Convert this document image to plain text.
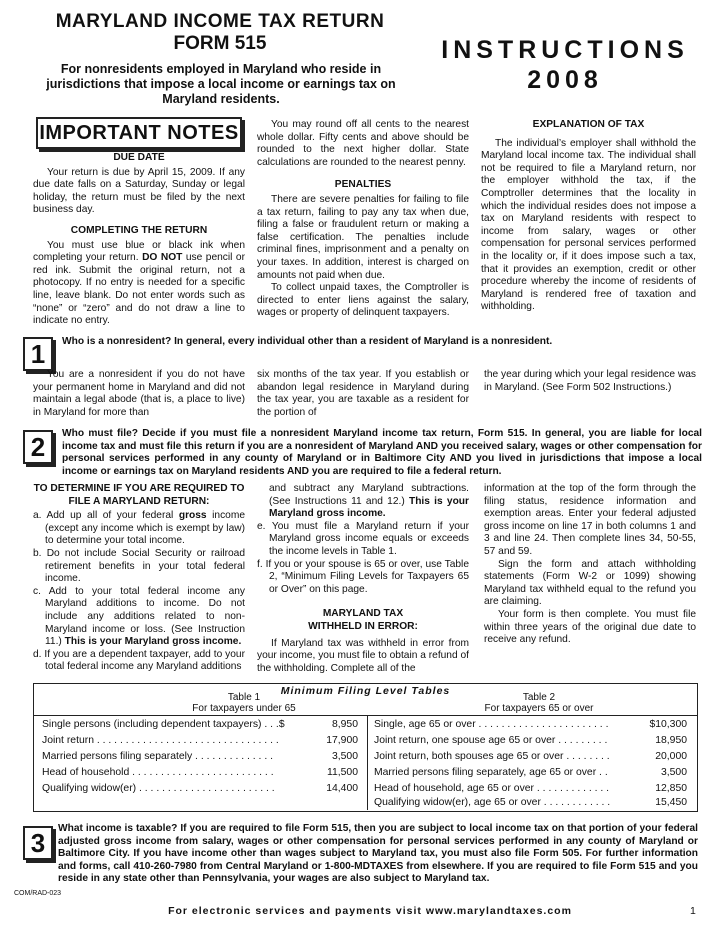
MARYLAND INCOME TAX RETURN
FORM 515
For nonresidents employed in Maryland who reside in jurisdictions that impose a local income or earnings tax on Maryland residents.
INSTRUCTIONS
2008
IMPORTANT NOTES

DUE DATE

Your return is due by April 15, 2009. If any due date falls on a Saturday, Sunday or legal holiday, the return must be filed by the next business day.

COMPLETING THE RETURN

You must use blue or black ink when completing your return. DO NOT use pencil or red ink. Submit the original return, not a photocopy. If no entry is needed for a specific line, leave blank. Do not enter words such as “none” or “zero” and do not draw a line to indicate no entry.

You may round off all cents to the nearest whole dollar. Fifty cents and above should be rounded to the next higher dollar. State calculations are rounded to the nearest penny.

PENALTIES

There are severe penalties for failing to file a tax return, failing to pay any tax when due, filing a false or fraudulent return or making a false certification. The penalties include criminal fines, imprisonment and a penalty on your taxes. In addition, interest is charged on amounts not paid when due.

To collect unpaid taxes, the Comptroller is directed to enter liens against the salary, wages or property of delinquent taxpayers.

EXPLANATION OF TAX

The individual’s employer shall withhold the Maryland local income tax. The individual shall not be required to file a Maryland return, nor the employer withhold the tax, if the Comptroller determines that the locality in which the individual resides does not impose a tax on Maryland residents with respect to income from salary, wages or other compensation for personal services performed in the locality or, if it does impose such a tax, that it provides an exemption, credit or other procedure whereby the income of residents of Maryland is rendered free of taxation and withholding.

1	Who is a nonresident? In general, every individual other than a resident of Maryland is a nonresident.

You are a nonresident if you do not have your permanent home in Maryland and did not maintain a legal abode (that is, a place to live) in Maryland for more than

six months of the tax year. If you establish or abandon legal residence in Maryland during the tax year, you are taxable as a resident for the portion of

the year during which your legal residence was in Maryland. (See Form 502 Instructions.)

2	Who must file? Decide if you must file a nonresident Maryland income tax return, Form 515. In general, you are liable for local income tax and must file this return if you are a nonresident of Maryland AND you received salary, wages or other compensation for personal services performed in any county of Maryland or in Baltimore City AND you lived in jurisdictions that impose a local income or earnings tax on Maryland residents AND you are required to file a federal return.

TO DETERMINE IF YOU ARE REQUIRED TO FILE A MARYLAND RETURN:

a. Add up all of your federal gross income (except any income which is exempt by law) to determine your total income.

b. Do not include Social Security or railroad retirement benefits in your total federal income.

c. Add to your total federal income any Maryland additions to income. Do not include any additions related to non-Maryland income or loss. (See Instruction 11.) This is your Maryland gross income.

d. If you are a dependent taxpayer, add to your total federal income any Maryland additions

and subtract any Maryland subtractions. (See Instructions 11 and 12.) This is your Maryland gross income.

e. You must file a Maryland return if your Maryland gross income equals or exceeds the income levels in Table 1.

f. If you or your spouse is 65 or over, use Table 2, “Minimum Filing Levels for Taxpayers 65 or Over” on this page.

MARYLAND TAX WITHHELD IN ERROR:

If Maryland tax was withheld in error from your income, you must file to obtain a refund of the withholding. Complete all of the

information at the top of the form through the filing status, residence information and exemption areas. Enter your federal adjusted gross income on line 17 in both columns 1 and 3 and line 24. Then complete lines 34, 50-55, 57 and 59.

Sign the form and attach withholding statements (Form W-2 or 1099) showing Maryland tax withheld equal to the refund you are claiming.

Your form is then complete. You must file within three years of the original due date to receive any refund.

Minimum Filing Level Tables
Table 1
For taxpayers under 65
Table 2
For taxpayers 65 or over
Single persons (including dependent taxpayers) . . .$	8,950
Joint return . . . . . . . . . . . . . . . . . . . . . . . . . . . . . . . .	17,900
Married persons filing separately . . . . . . . . . . . . . .	3,500
Head of household . . . . . . . . . . . . . . . . . . . . . . . . .	11,500
Qualifying widow(er) . . . . . . . . . . . . . . . . . . . . . . . .	14,400
Single, age 65 or over . . . . . . . . . . . . . . . . . . . . . . .	$10,300
Joint return, one spouse age 65 or over . . . . . . . . .	18,950
Joint return, both spouses age 65 or over . . . . . . . .	20,000
Married persons filing separately, age 65 or over . .	3,500
Head of household, age 65 or over . . . . . . . . . . . . .	12,850
Qualifying widow(er), age 65 or over . . . . . . . . . . . .	15,450
3	What income is taxable? If you are required to file Form 515, then you are subject to local income tax on that portion of your federal adjusted gross income from salary, wages or other compensation for personal services performed in any county of Maryland or Baltimore City. If you have income other than wages subject to Maryland tax, you must also file Form 505. For further information and forms, call 410-260-7980 from Central Maryland or 1-800-MDTAXES from elsewhere. If you are required to file Form 515 and you reside in any state other than Pennsylvania, your wages are also subject to Maryland tax.
COM/RAD-023
For electronic services and payments visit www.marylandtaxes.com	1
